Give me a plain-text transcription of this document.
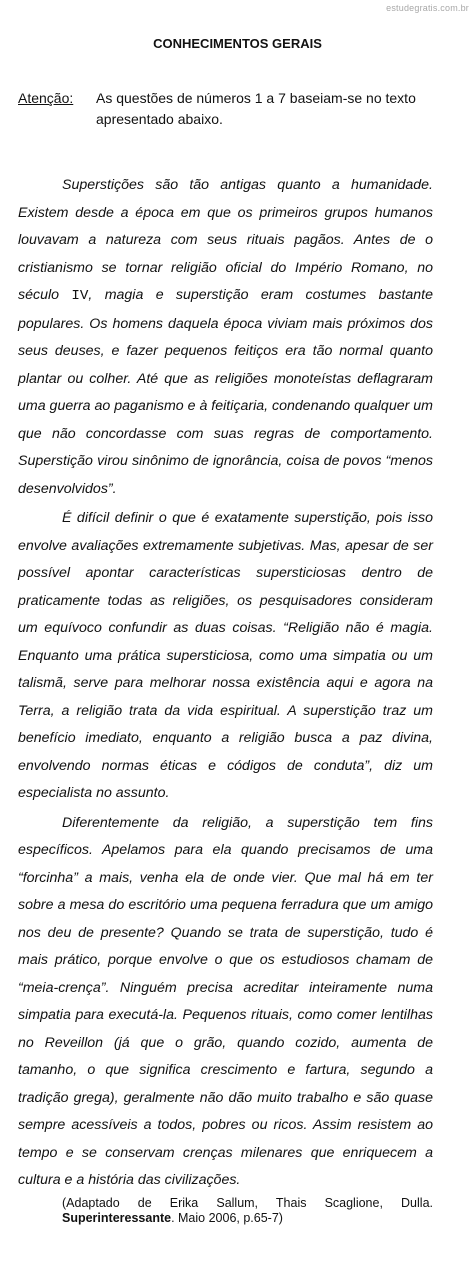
estudegratis.com.br
CONHECIMENTOS GERAIS
Atenção: As questões de números 1 a 7 baseiam-se no texto apresentado abaixo.

Superstições são tão antigas quanto a humanidade. Existem desde a época em que os primeiros grupos humanos louvavam a natureza com seus rituais pagãos. Antes de o cristianismo se tornar religião oficial do Império Romano, no século IV, magia e superstição eram costumes bastante populares. Os homens daquela época viviam mais próximos dos seus deuses, e fazer pequenos feitiços era tão normal quanto plantar ou colher. Até que as religiões monoteístas deflagraram uma guerra ao paganismo e à feitiçaria, condenando qualquer um que não concordasse com suas regras de comportamento. Superstição virou sinônimo de ignorância, coisa de povos “menos desenvolvidos”.

É difícil definir o que é exatamente superstição, pois isso envolve avaliações extremamente subjetivas. Mas, apesar de ser possível apontar características supersticiosas dentro de praticamente todas as religiões, os pesquisadores consideram um equívoco confundir as duas coisas. “Religião não é magia. Enquanto uma prática supersticiosa, como uma simpatia ou um talismã, serve para melhorar nossa existência aqui e agora na Terra, a religião trata da vida espiritual. A superstição traz um benefício imediato, enquanto a religião busca a paz divina, envolvendo normas éticas e códigos de conduta”, diz um especialista no assunto.

Diferentemente da religião, a superstição tem fins específicos. Apelamos para ela quando precisamos de uma “forcinha” a mais, venha ela de onde vier. Que mal há em ter sobre a mesa do escritório uma pequena ferradura que um amigo nos deu de presente? Quando se trata de superstição, tudo é mais prático, porque envolve o que os estudiosos chamam de “meia-crença”. Ninguém precisa acreditar inteiramente numa simpatia para executá-la. Pequenos rituais, como comer lentilhas no Reveillon (já que o grão, quando cozido, aumenta de tamanho, o que significa crescimento e fartura, segundo a tradição grega), geralmente não dão muito trabalho e são quase sempre acessíveis a todos, pobres ou ricos. Assim resistem ao tempo e se conservam crenças milenares que enriquecem a cultura e a história das civilizações.

(Adaptado de Erika Sallum, Thais Scaglione, Dulla. Superinteressante. Maio 2006, p.65-7)
